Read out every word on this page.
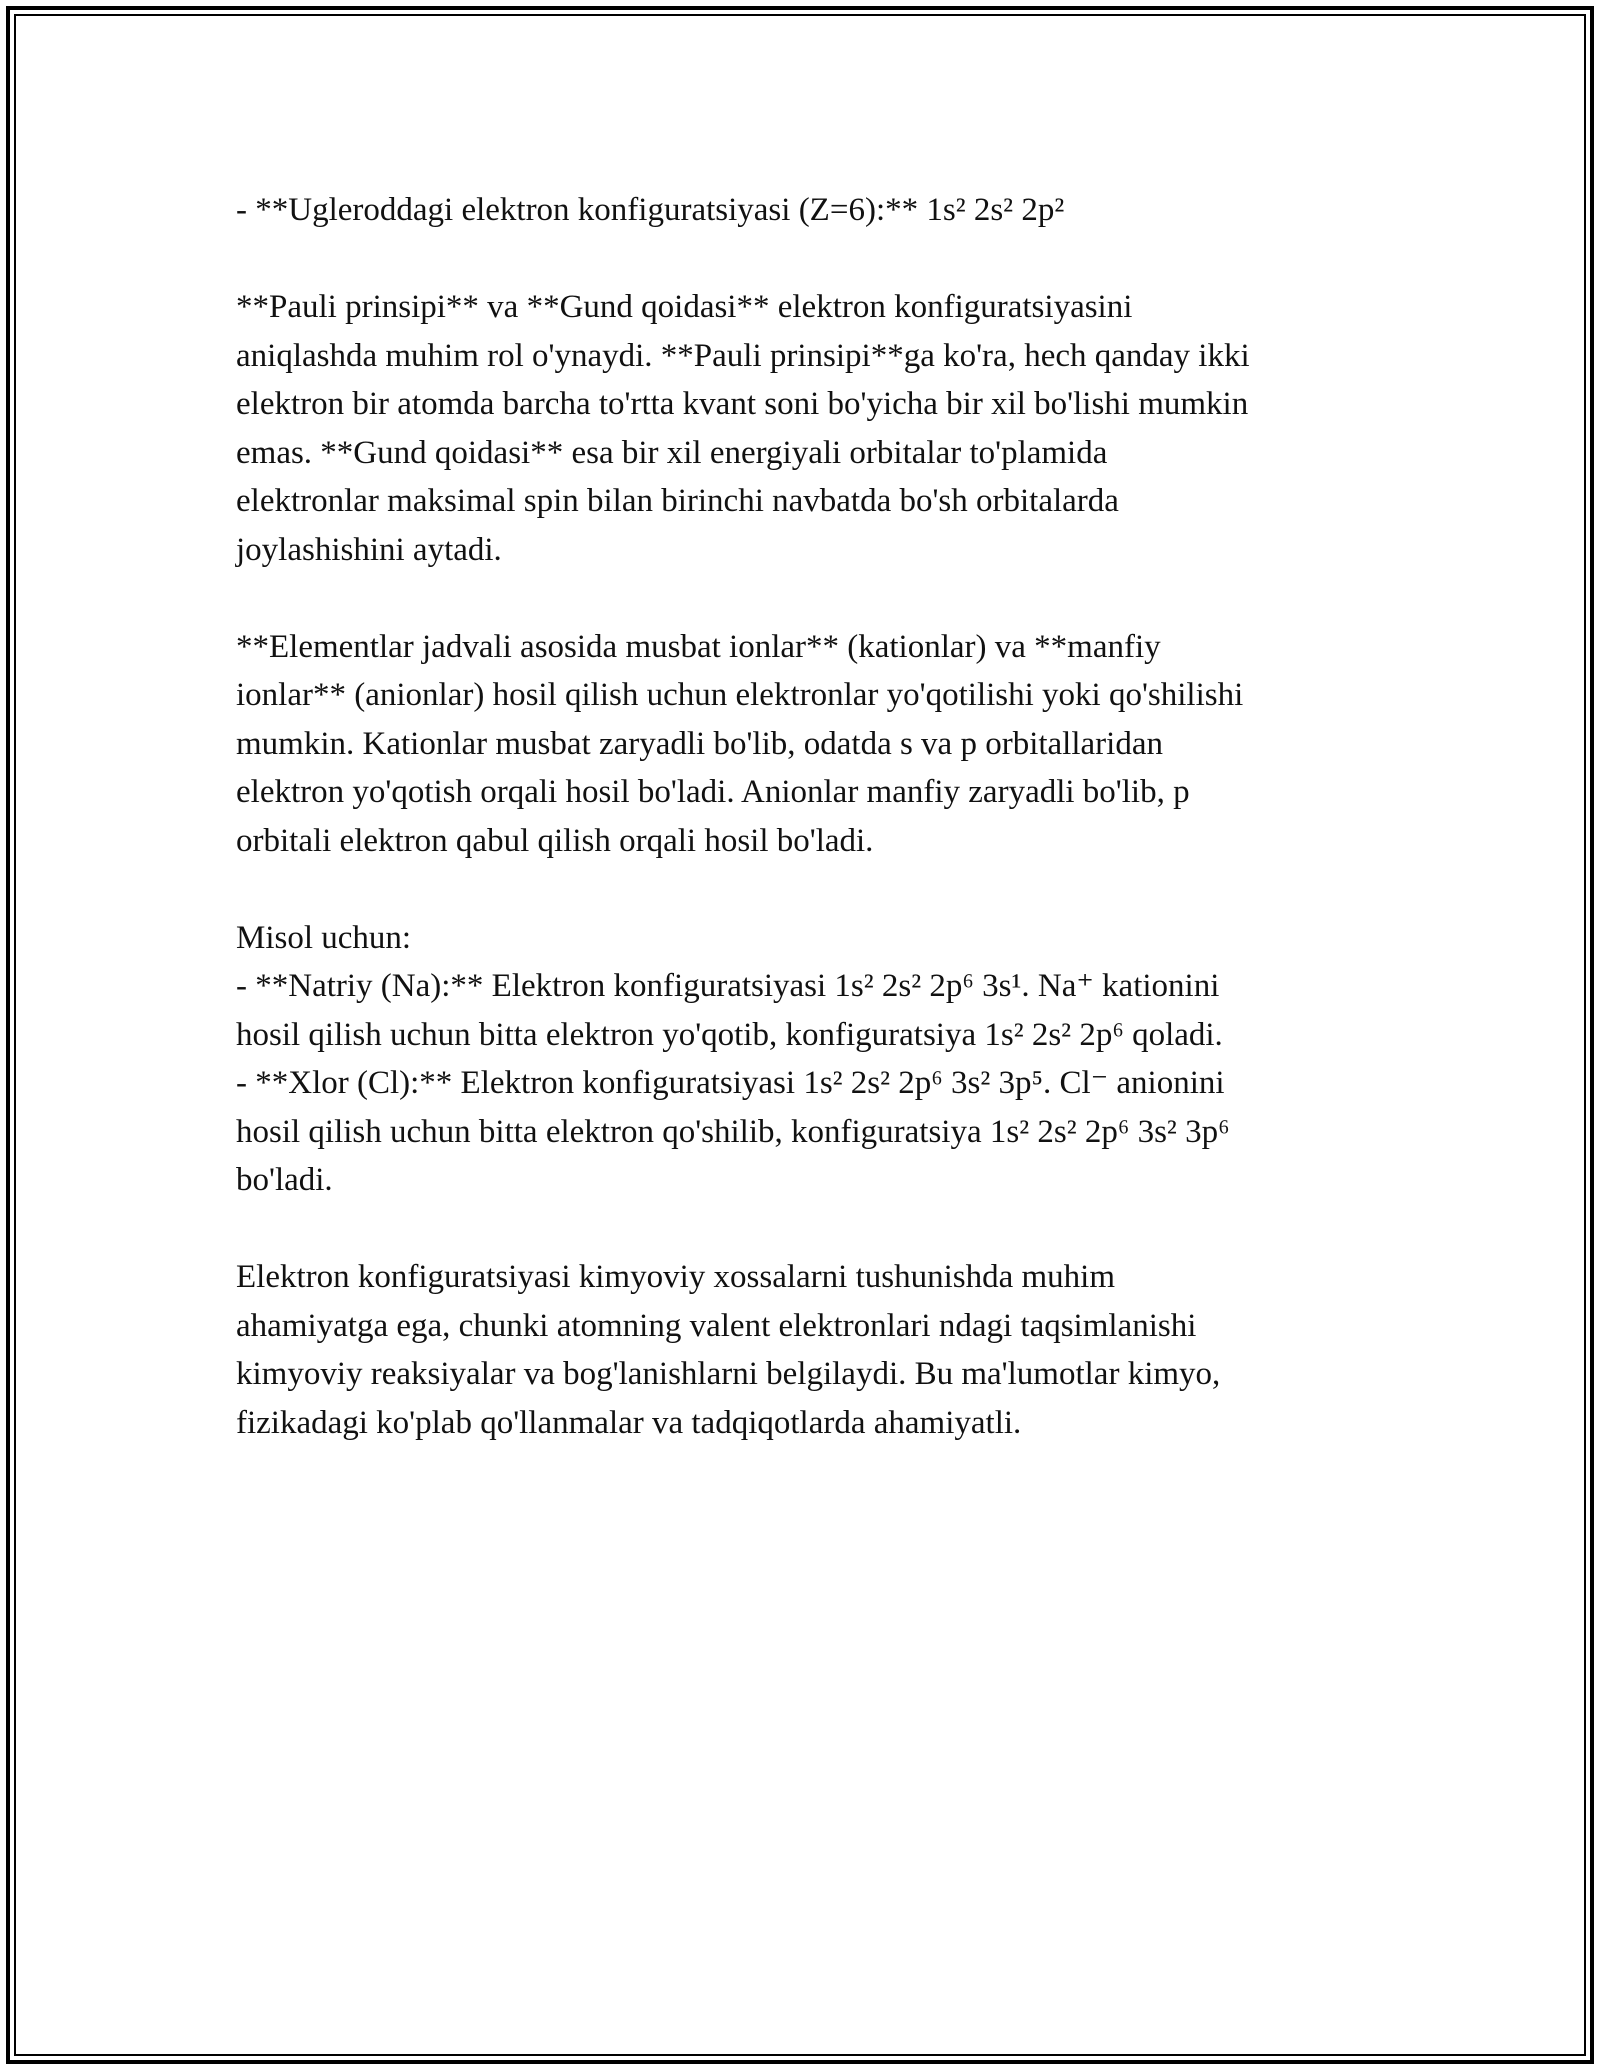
- **Ugleroddagi elektron konfiguratsiyasi (Z=6):** 1s² 2s² 2p²
**Pauli prinsipi** va **Gund qoidasi** elektron konfiguratsiyasini
aniqlashda muhim rol o'ynaydi. **Pauli prinsipi**ga ko'ra, hech qanday ikki
elektron bir atomda barcha to'rtta kvant soni bo'yicha bir xil bo'lishi mumkin
emas. **Gund qoidasi** esa bir xil energiyali orbitalar to'plamida
elektronlar maksimal spin bilan birinchi navbatda bo'sh orbitalarda
joylashishini aytadi.
**Elementlar jadvali asosida musbat ionlar** (kationlar) va **manfiy
ionlar** (anionlar) hosil qilish uchun elektronlar yo'qotilishi yoki qo'shilishi
mumkin. Kationlar musbat zaryadli bo'lib, odatda s va p orbitallaridan
elektron yo'qotish orqali hosil bo'ladi. Anionlar manfiy zaryadli bo'lib, p
orbitali elektron qabul qilish orqali hosil bo'ladi.
Misol uchun:
- **Natriy (Na):** Elektron konfiguratsiyasi 1s² 2s² 2p⁶ 3s¹. Na⁺ kationini
hosil qilish uchun bitta elektron yo'qotib, konfiguratsiya 1s² 2s² 2p⁶ qoladi.
- **Xlor (Cl):** Elektron konfiguratsiyasi 1s² 2s² 2p⁶ 3s² 3p⁵. Cl⁻ anionini
hosil qilish uchun bitta elektron qo'shilib, konfiguratsiya 1s² 2s² 2p⁶ 3s² 3p⁶
bo'ladi.
Elektron konfiguratsiyasi kimyoviy xossalarni tushunishda muhim
ahamiyatga ega, chunki atomning valent elektronlari ndagi taqsimlanishi
kimyoviy reaksiyalar va bog'lanishlarni belgilaydi. Bu ma'lumotlar kimyo,
fizikadagi ko'plab qo'llanmalar va tadqiqotlarda ahamiyatli.
